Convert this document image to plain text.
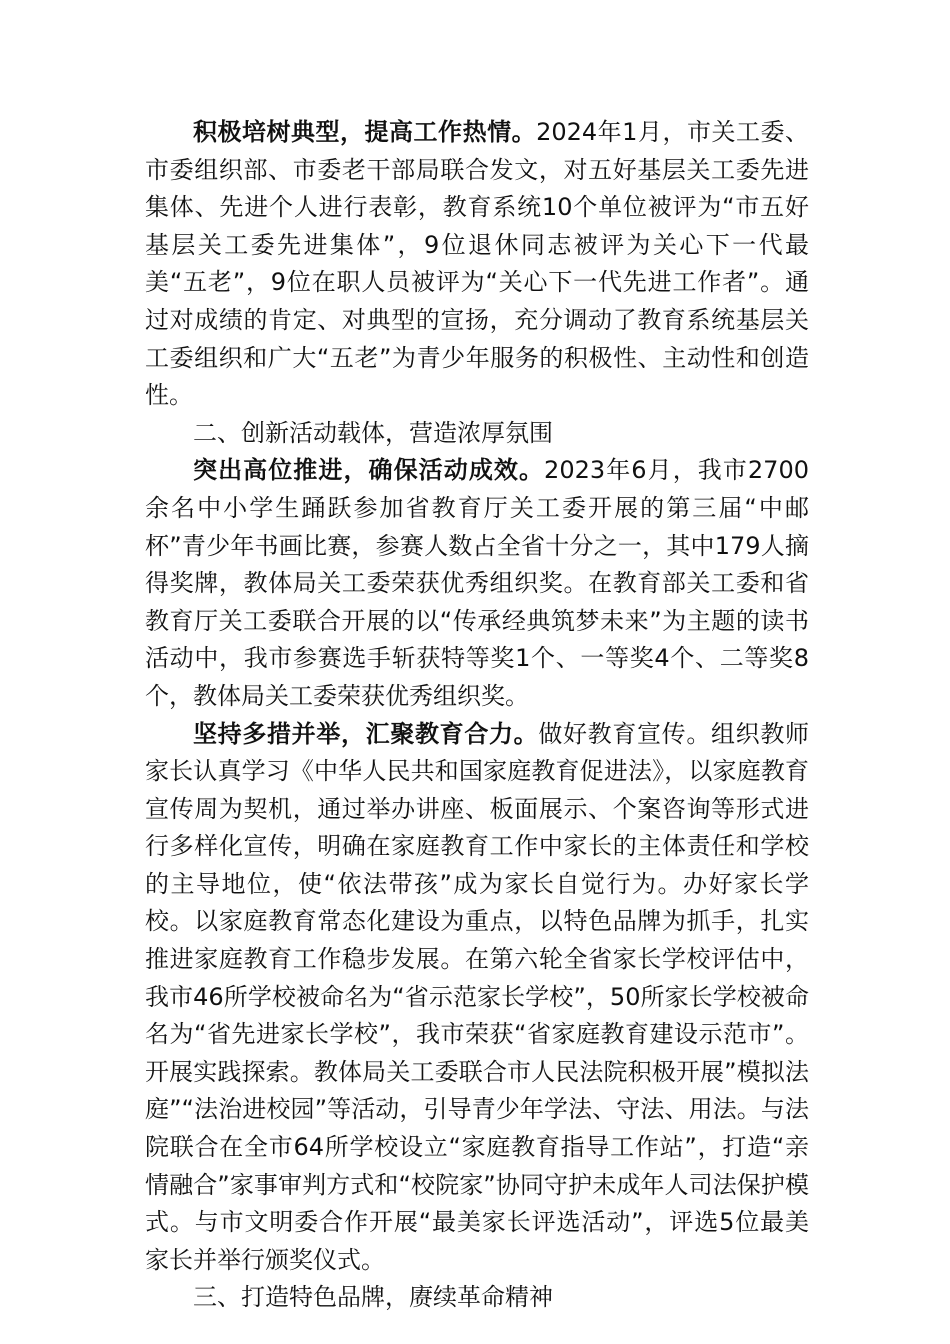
积极培树典型，提高工作热情。2024年1月，市关工委、市委组织部、市委老干部局联合发文，对五好基层关工委先进集体、先进个人进行表彰，教育系统10个单位被评为“市五好基层关工委先进集体”，9位退休同志被评为关心下一代最美“五老”，9位在职人员被评为“关心下一代先进工作者”。通过对成绩的肯定、对典型的宣扬，充分调动了教育系统基层关工委组织和广大“五老”为青少年服务的积极性、主动性和创造性。

二、创新活动载体，营造浓厚氛围

突出高位推进，确保活动成效。2023年6月，我市2700余名中小学生踊跃参加省教育厅关工委开展的第三届“中邮杯”青少年书画比赛，参赛人数占全省十分之一，其中179人摘得奖牌，教体局关工委荣获优秀组织奖。在教育部关工委和省教育厅关工委联合开展的以“传承经典筑梦未来”为主题的读书活动中，我市参赛选手斩获特等奖1个、一等奖4个、二等奖8个，教体局关工委荣获优秀组织奖。

坚持多措并举，汇聚教育合力。做好教育宣传。组织教师家长认真学习《中华人民共和国家庭教育促进法》，以家庭教育宣传周为契机，通过举办讲座、板面展示、个案咨询等形式进行多样化宣传，明确在家庭教育工作中家长的主体责任和学校的主导地位，使“依法带孩”成为家长自觉行为。办好家长学校。以家庭教育常态化建设为重点，以特色品牌为抓手，扎实推进家庭教育工作稳步发展。在第六轮全省家长学校评估中，我市46所学校被命名为“省示范家长学校”，50所家长学校被命名为“省先进家长学校”，我市荣获“省家庭教育建设示范市”。开展实践探索。教体局关工委联合市人民法院积极开展”模拟法庭”“法治进校园”等活动，引导青少年学法、守法、用法。与法院联合在全市64所学校设立“家庭教育指导工作站”，打造“亲情融合”家事审判方式和“校院家”协同守护未成年人司法保护模式。与市文明委合作开展“最美家长评选活动”，评选5位最美家长并举行颁奖仪式。

三、打造特色品牌，赓续革命精神
